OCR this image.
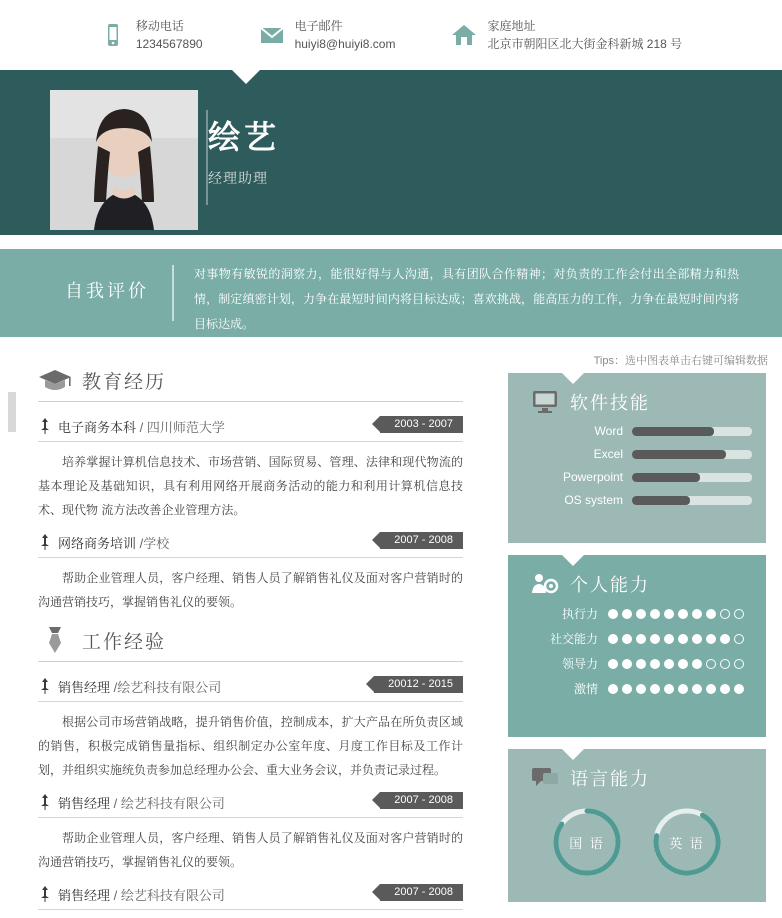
移动电话
1234567890
电子邮件
huiyi8@huiyi8.com
家庭地址
北京市朝阳区北大街金科新城 218 号
绘艺
经理助理
自我评价
对事物有敏锐的洞察力，能很好得与人沟通，具有团队合作精神；对负责的工作会付出全部精力和热情，制定缜密计划，力争在最短时间内将目标达成；喜欢挑战，能高压力的工作，力争在最短时间内将目标达成。
教育经历
电子商务本科 / 四川师范大学	2003 - 2007
培养掌握计算机信息技术、市场营销、国际贸易、管理、法律和现代物流的基本理论及基础知识，具有利用网络开展商务活动的能力和利用计算机信息技术、现代物 流方法改善企业管理方法。
网络商务培训 /学校	2007 - 2008
帮助企业管理人员，客户经理、销售人员了解销售礼仪及面对客户营销时的沟通营销技巧，掌握销售礼仪的要领。
工作经验
销售经理 /绘艺科技有限公司	20012 - 2015
根据公司市场营销战略，提升销售价值，控制成本，扩大产品在所负责区域的销售，积极完成销售量指标、组织制定办公室年度、月度工作目标及工作计划，并组织实施统负责参加总经理办公会、重大业务会议，并负责记录过程。
销售经理 / 绘艺科技有限公司	2007 - 2008
帮助企业管理人员，客户经理、销售人员了解销售礼仪及面对客户营销时的沟通营销技巧，掌握销售礼仪的要领。
销售经理 / 绘艺科技有限公司	2007 - 2008
Tips：选中图表单击右键可编辑数据
软件技能
Word
Excel
Powerpoint
OS system
个人能力
执行力
社交能力
领导力
激情
语言能力
国 语	英 语
